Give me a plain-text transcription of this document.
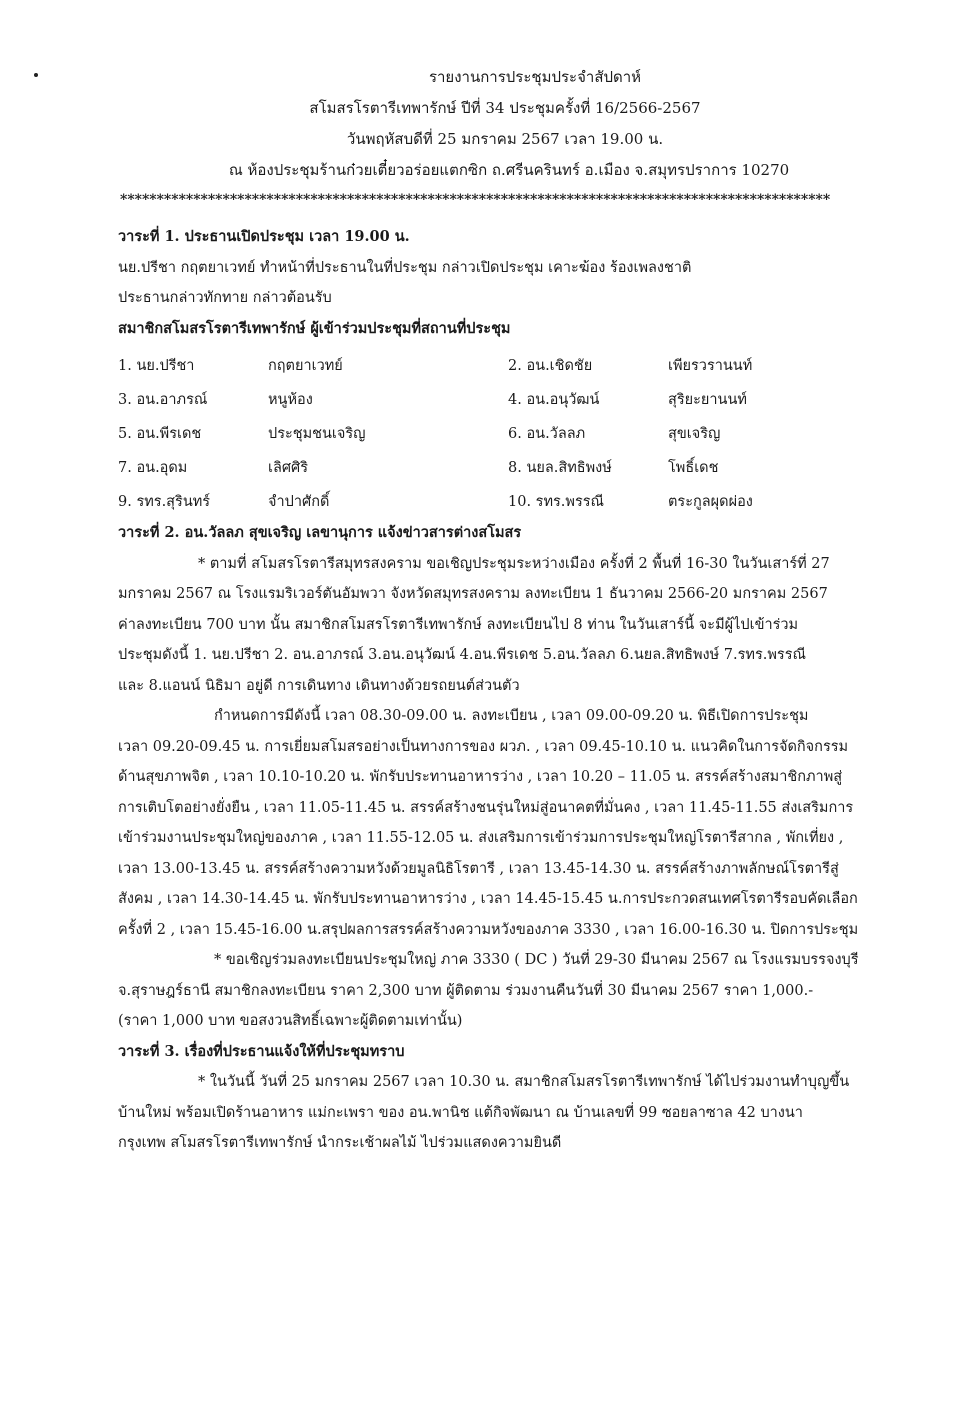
รายงานการประชุมประจำสัปดาห์
สโมสรโรตารีเทพารักษ์ ปีที่ 34 ประชุมครั้งที่ 16/2566-2567
วันพฤหัสบดีที่ 25 มกราคม 2567 เวลา 19.00 น.
ณ ห้องประชุมร้านก๋วยเตี๋ยวอร่อยแตกซิก ถ.ศรีนครินทร์ อ.เมือง จ.สมุทรปราการ 10270
*************************************************************************************************
วาระที่ 1. ประธานเปิดประชุม เวลา 19.00 น.
นย.ปรีชา กฤตยาเวทย์ ทำหน้าที่ประธานในที่ประชุม กล่าวเปิดประชุม เคาะฆ้อง ร้องเพลงชาติ
ประธานกล่าวทักทาย กล่าวต้อนรับ
สมาชิกสโมสรโรตารีเทพารักษ์ ผู้เข้าร่วมประชุมที่สถานที่ประชุม
1. นย.ปรีชา	กฤตยาเวทย์	2. อน.เชิดชัย	เพียรวรานนท์
3. อน.อาภรณ์	หนูห้อง	4. อน.อนุวัฒน์	สุริยะยานนท์
5. อน.พีรเดช	ประชุมชนเจริญ	6. อน.วัลลภ	สุขเจริญ
7. อน.อุดม	เลิศศิริ	8. นยล.สิทธิพงษ์	โพธิ์เดช
9. รทร.สุรินทร์	จำปาศักดิ์	10. รทร.พรรณี	ตระกูลผุดผ่อง
วาระที่ 2. อน.วัลลภ สุขเจริญ เลขานุการ แจ้งข่าวสารต่างสโมสร
* ตามที่ สโมสรโรตารีสมุทรสงคราม ขอเชิญประชุมระหว่างเมือง ครั้งที่ 2 พื้นที่ 16-30 ในวันเสาร์ที่ 27
มกราคม 2567 ณ โรงแรมริเวอร์ตันอัมพวา จังหวัดสมุทรสงคราม ลงทะเบียน 1 ธันวาคม 2566-20 มกราคม 2567
ค่าลงทะเบียน 700 บาท นั้น สมาชิกสโมสรโรตารีเทพารักษ์ ลงทะเบียนไป 8 ท่าน ในวันเสาร์นี้ จะมีผู้ไปเข้าร่วม
ประชุมดังนี้ 1. นย.ปรีชา 2. อน.อาภรณ์ 3.อน.อนุวัฒน์ 4.อน.พีรเดช 5.อน.วัลลภ 6.นยล.สิทธิพงษ์ 7.รทร.พรรณี
และ 8.แอนน์ นิธิมา อยู่ดี การเดินทาง เดินทางด้วยรถยนต์ส่วนตัว
กำหนดการมีดังนี้ เวลา 08.30-09.00 น. ลงทะเบียน , เวลา 09.00-09.20 น. พิธีเปิดการประชุม
เวลา 09.20-09.45 น. การเยี่ยมสโมสรอย่างเป็นทางการของ ผวภ. , เวลา 09.45-10.10 น. แนวคิดในการจัดกิจกรรม
ด้านสุขภาพจิต , เวลา 10.10-10.20 น. พักรับประทานอาหารว่าง , เวลา 10.20 – 11.05 น. สรรค์สร้างสมาชิกภาพสู่
การเติบโตอย่างยั่งยืน , เวลา 11.05-11.45 น. สรรค์สร้างชนรุ่นใหม่สู่อนาคตที่มั่นคง , เวลา 11.45-11.55 ส่งเสริมการ
เข้าร่วมงานประชุมใหญ่ของภาค , เวลา 11.55-12.05 น. ส่งเสริมการเข้าร่วมการประชุมใหญ่โรตารีสากล , พักเที่ยง ,
เวลา 13.00-13.45 น. สรรค์สร้างความหวังด้วยมูลนิธิโรตารี , เวลา 13.45-14.30 น. สรรค์สร้างภาพลักษณ์โรตารีสู่
สังคม , เวลา 14.30-14.45 น. พักรับประทานอาหารว่าง , เวลา 14.45-15.45 น.การประกวดสนเทศโรตารีรอบคัดเลือก
ครั้งที่ 2 , เวลา 15.45-16.00 น.สรุปผลการสรรค์สร้างความหวังของภาค 3330 , เวลา 16.00-16.30 น. ปิดการประชุม
* ขอเชิญร่วมลงทะเบียนประชุมใหญ่ ภาค 3330 ( DC ) วันที่ 29-30 มีนาคม 2567 ณ โรงแรมบรรจงบุรี
จ.สุราษฎร์ธานี สมาชิกลงทะเบียน ราคา 2,300 บาท ผู้ติดตาม ร่วมงานคืนวันที่ 30 มีนาคม 2567 ราคา 1,000.-
(ราคา 1,000 บาท ขอสงวนสิทธิ์เฉพาะผู้ติดตามเท่านั้น)
วาระที่ 3. เรื่องที่ประธานแจ้งให้ที่ประชุมทราบ
* ในวันนี้ วันที่ 25 มกราคม 2567 เวลา 10.30 น. สมาชิกสโมสรโรตารีเทพารักษ์ ได้ไปร่วมงานทำบุญขึ้น
บ้านใหม่ พร้อมเปิดร้านอาหาร แม่กะเพรา ของ อน.พานิช แต้กิจพัฒนา ณ บ้านเลขที่ 99 ซอยลาซาล 42 บางนา
กรุงเทพ สโมสรโรตารีเทพารักษ์ นำกระเช้าผลไม้ ไปร่วมแสดงความยินดี
